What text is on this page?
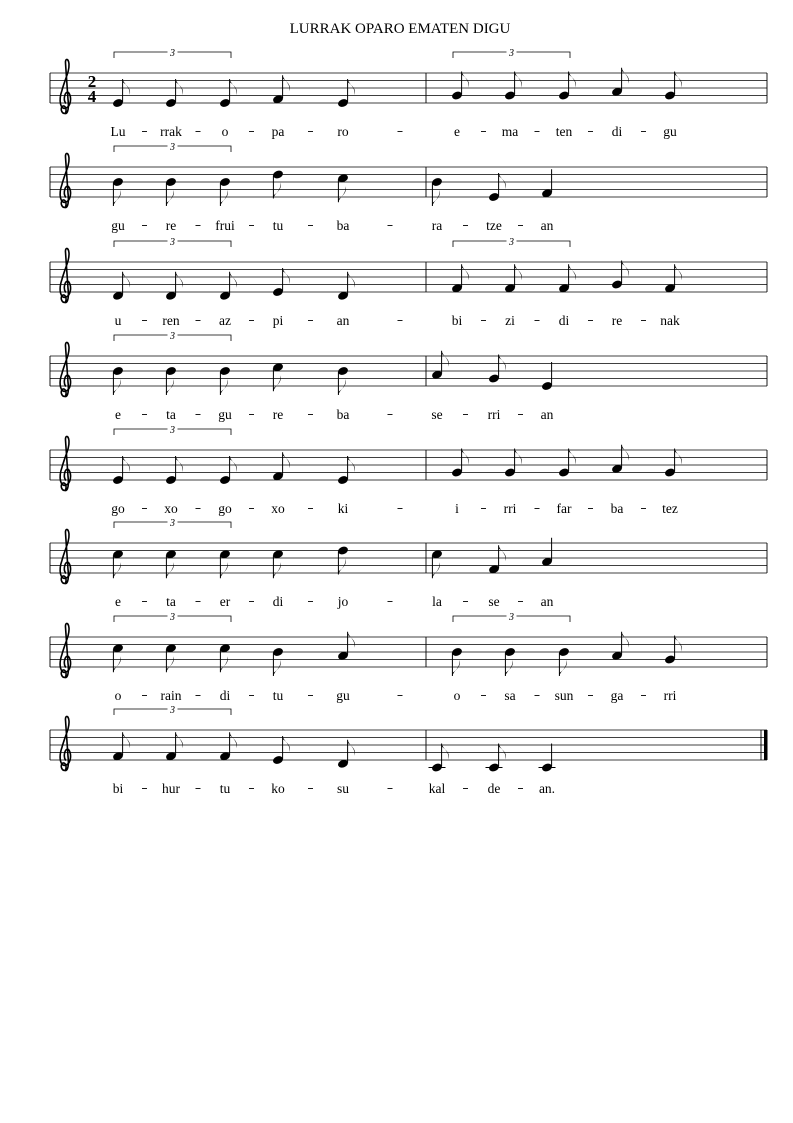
LURRAK OPARO EMATEN DIGU
2
4
Lu	rrak	o	pa	ro
3
e	ma	ten	di	gu
3
gu	re	frui	tu	ba
3
ra	tze	an
u	ren	az	pi	an
3
bi	zi	di	re	nak
3
e	ta	gu	re	ba
3
se	rri	an
go	xo	go	xo	ki
3
i	rri	far	ba	tez
e	ta	er	di	jo
3
la	se	an
o	rain	di	tu	gu
3
o	sa	sun	ga	rri
3
bi	hur	tu	ko	su
3
kal	de	an.
